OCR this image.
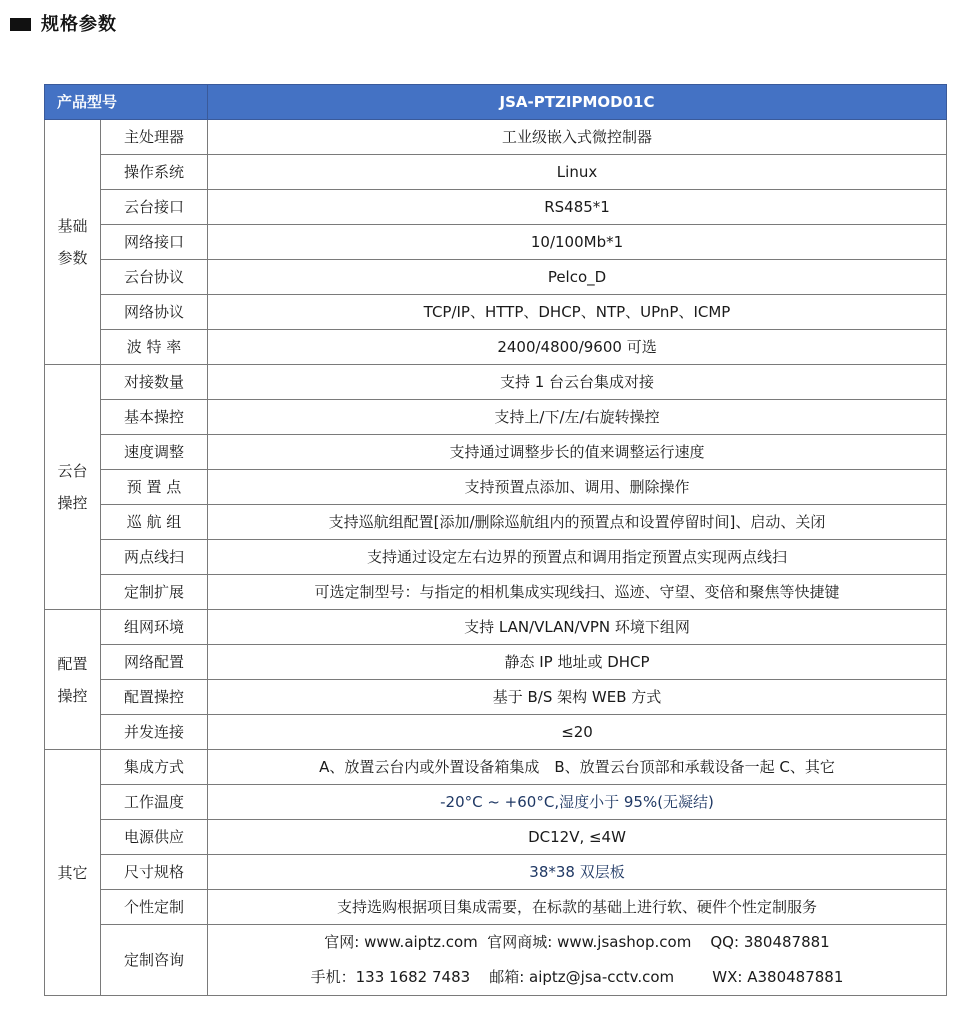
规格参数
产品型号		JSA-PTZIPMOD01C

基础
参数	主处理器	工业级嵌入式微控制器
	操作系统	Linux
	云台接口	RS485*1
	网络接口	10/100Mb*1
	云台协议	Pelco_D
	网络协议	TCP/IP、HTTP、DHCP、NTP、UPnP、ICMP
	波 特 率	2400/4800/9600 可选

云台
操控	对接数量	支持 1 台云台集成对接
	基本操控	支持上/下/左/右旋转操控
	速度调整	支持通过调整步长的值来调整运行速度
	预 置 点	支持预置点添加、调用、删除操作
	巡 航 组	支持巡航组配置[添加/删除巡航组内的预置点和设置停留时间]、启动、关闭
	两点线扫	支持通过设定左右边界的预置点和调用指定预置点实现两点线扫
	定制扩展	可选定制型号：与指定的相机集成实现线扫、巡迹、守望、变倍和聚焦等快捷键

配置
操控	组网环境	支持 LAN/VLAN/VPN 环境下组网
	网络配置	静态 IP 地址或 DHCP
	配置操控	基于 B/S 架构 WEB 方式
	并发连接	≤20

其它	集成方式	A、放置云台内或外置设备箱集成　B、放置云台顶部和承载设备一起 C、其它
	工作温度	-20°C ~ +60°C,湿度小于 95%(无凝结)
	电源供应	DC12V, ≤4W
	尺寸规格	38*38 双层板
	个性定制	支持选购根据项目集成需要，在标款的基础上进行软、硬件个性定制服务
	定制咨询	官网: www.aiptz.com  官网商城: www.jsashop.com    QQ: 380487881
手机：133 1682 7483    邮箱: aiptz@jsa-cctv.com        WX: A380487881
